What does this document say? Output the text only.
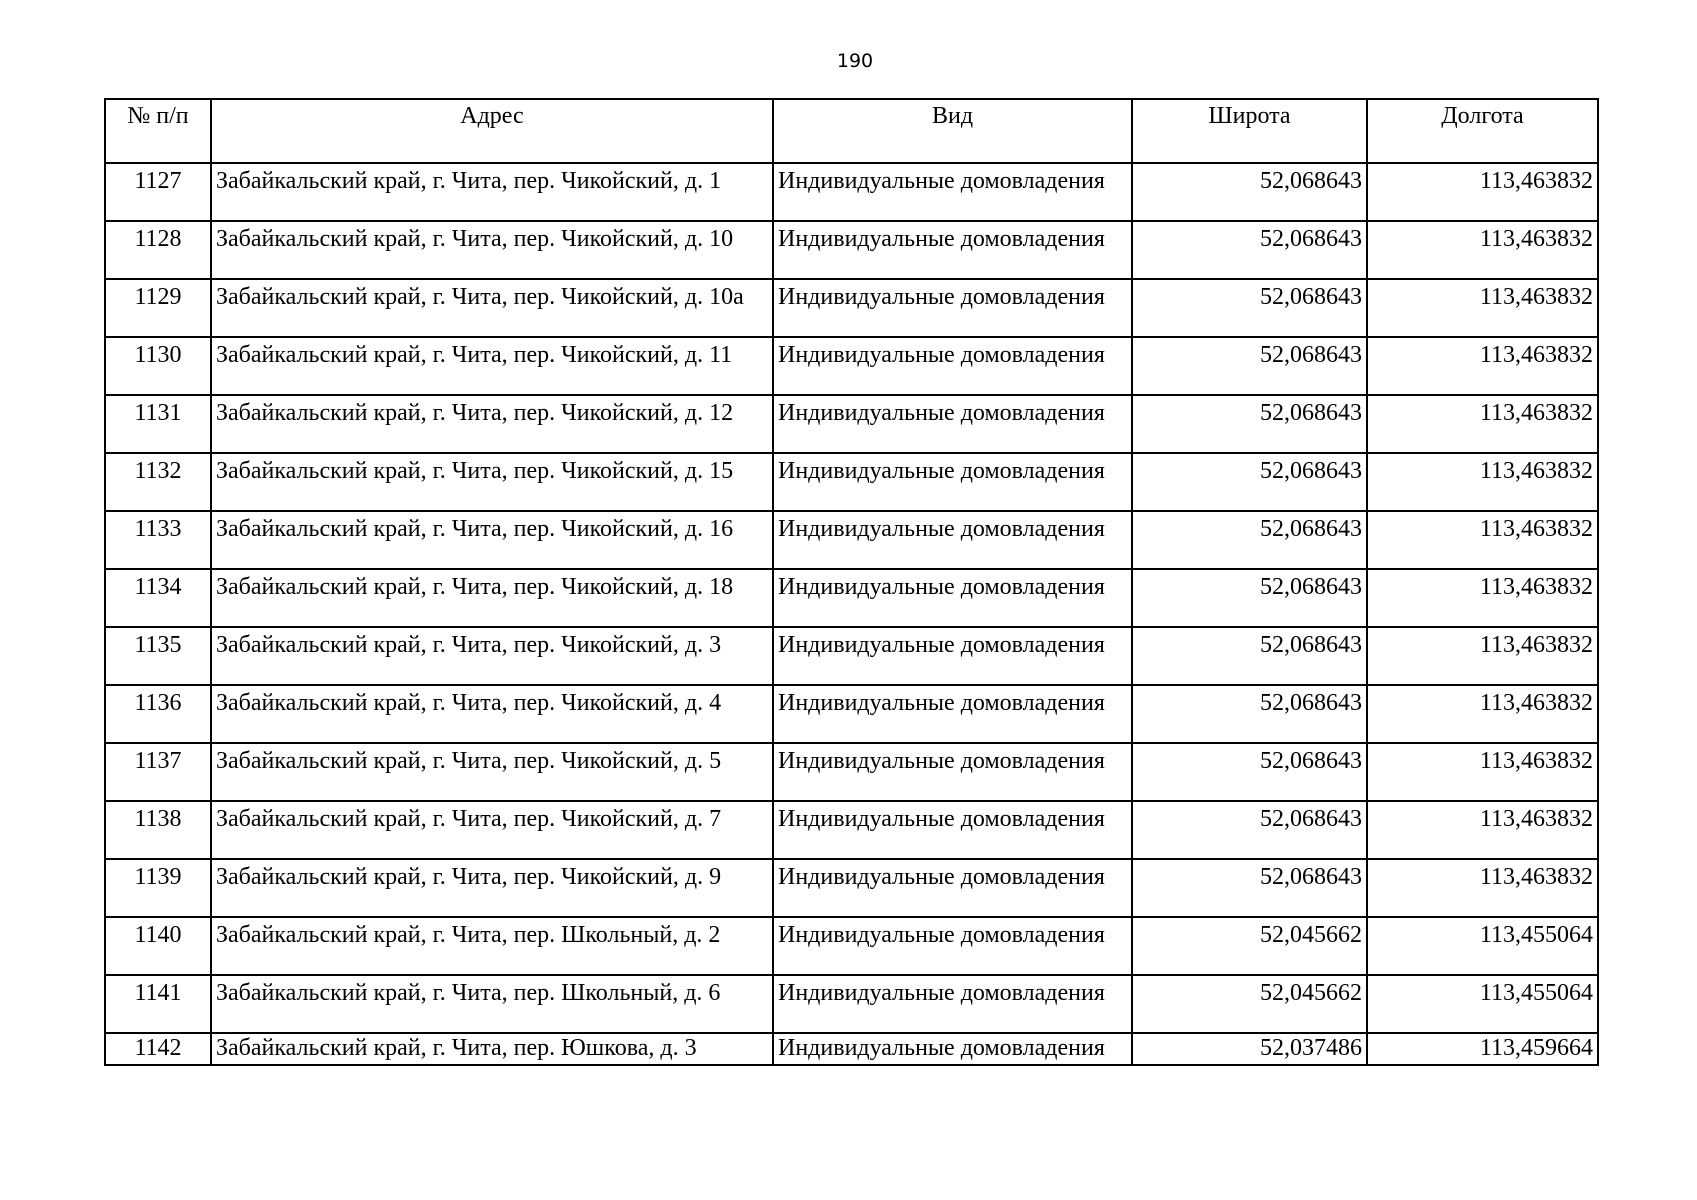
190
№ п/п	Адрес	Вид	Широта	Долгота
1127	Забайкальский край, г. Чита, пер. Чикойский, д. 1	Индивидуальные домовладения	52,068643	113,463832
1128	Забайкальский край, г. Чита, пер. Чикойский, д. 10	Индивидуальные домовладения	52,068643	113,463832
1129	Забайкальский край, г. Чита, пер. Чикойский, д. 10а	Индивидуальные домовладения	52,068643	113,463832
1130	Забайкальский край, г. Чита, пер. Чикойский, д. 11	Индивидуальные домовладения	52,068643	113,463832
1131	Забайкальский край, г. Чита, пер. Чикойский, д. 12	Индивидуальные домовладения	52,068643	113,463832
1132	Забайкальский край, г. Чита, пер. Чикойский, д. 15	Индивидуальные домовладения	52,068643	113,463832
1133	Забайкальский край, г. Чита, пер. Чикойский, д. 16	Индивидуальные домовладения	52,068643	113,463832
1134	Забайкальский край, г. Чита, пер. Чикойский, д. 18	Индивидуальные домовладения	52,068643	113,463832
1135	Забайкальский край, г. Чита, пер. Чикойский, д. 3	Индивидуальные домовладения	52,068643	113,463832
1136	Забайкальский край, г. Чита, пер. Чикойский, д. 4	Индивидуальные домовладения	52,068643	113,463832
1137	Забайкальский край, г. Чита, пер. Чикойский, д. 5	Индивидуальные домовладения	52,068643	113,463832
1138	Забайкальский край, г. Чита, пер. Чикойский, д. 7	Индивидуальные домовладения	52,068643	113,463832
1139	Забайкальский край, г. Чита, пер. Чикойский, д. 9	Индивидуальные домовладения	52,068643	113,463832
1140	Забайкальский край, г. Чита, пер. Школьный, д. 2	Индивидуальные домовладения	52,045662	113,455064
1141	Забайкальский край, г. Чита, пер. Школьный, д. 6	Индивидуальные домовладения	52,045662	113,455064
1142	Забайкальский край, г. Чита, пер. Юшкова, д. 3	Индивидуальные домовладения	52,037486	113,459664
